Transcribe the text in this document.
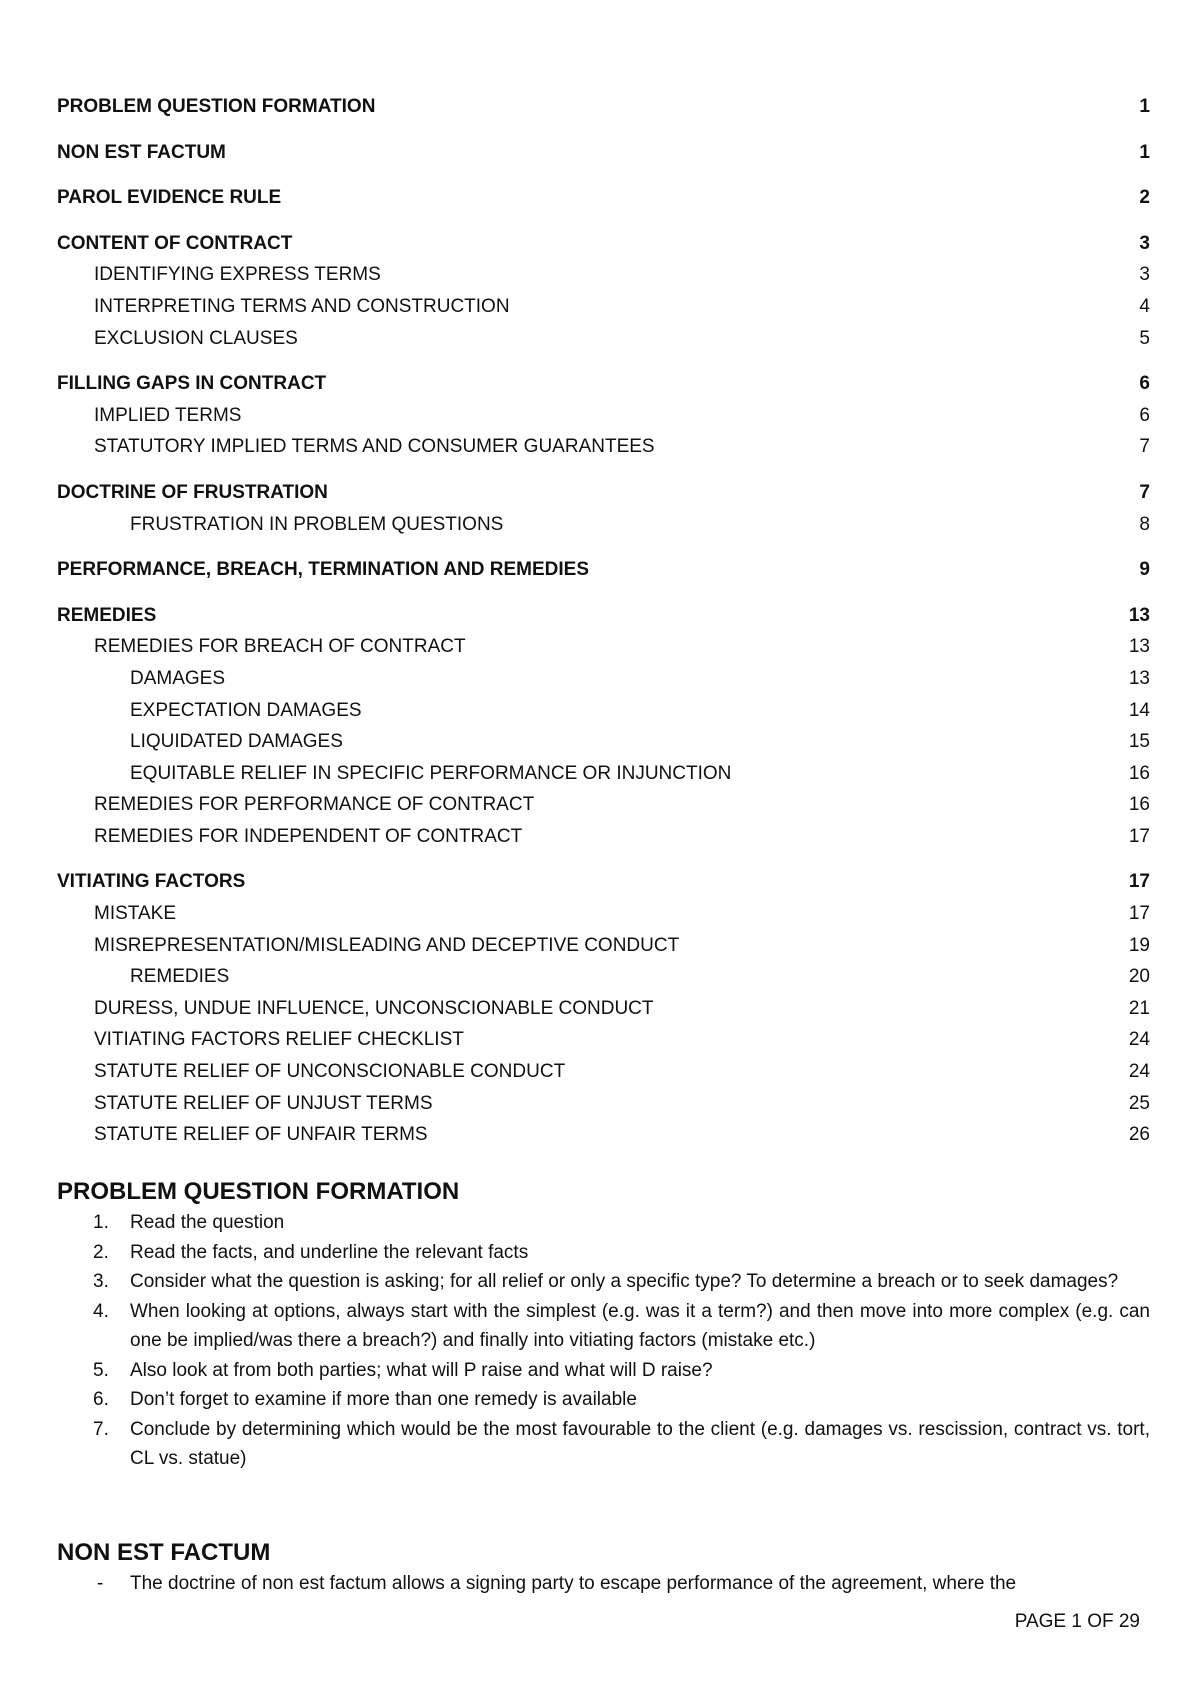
PROBLEM QUESTION FORMATION	1
NON EST FACTUM	1
PAROL EVIDENCE RULE	2
CONTENT OF CONTRACT	3
IDENTIFYING EXPRESS TERMS	3
INTERPRETING TERMS AND CONSTRUCTION	4
EXCLUSION CLAUSES	5
FILLING GAPS IN CONTRACT	6
IMPLIED TERMS	6
STATUTORY IMPLIED TERMS AND CONSUMER GUARANTEES	7
DOCTRINE OF FRUSTRATION	7
FRUSTRATION IN PROBLEM QUESTIONS	8
PERFORMANCE, BREACH, TERMINATION AND REMEDIES	9
REMEDIES	13
REMEDIES FOR BREACH OF CONTRACT	13
DAMAGES	13
EXPECTATION DAMAGES	14
LIQUIDATED DAMAGES	15
EQUITABLE RELIEF IN SPECIFIC PERFORMANCE OR INJUNCTION	16
REMEDIES FOR PERFORMANCE OF CONTRACT	16
REMEDIES FOR INDEPENDENT OF CONTRACT	17
VITIATING FACTORS	17
MISTAKE	17
MISREPRESENTATION/MISLEADING AND DECEPTIVE CONDUCT	19
REMEDIES	20
DURESS, UNDUE INFLUENCE, UNCONSCIONABLE CONDUCT	21
VITIATING FACTORS RELIEF CHECKLIST	24
STATUTE RELIEF OF UNCONSCIONABLE CONDUCT	24
STATUTE RELIEF OF UNJUST TERMS	25
STATUTE RELIEF OF UNFAIR TERMS	26
PROBLEM QUESTION FORMATION
1. Read the question
2. Read the facts, and underline the relevant facts
3. Consider what the question is asking; for all relief or only a specific type? To determine a breach or to seek damages?
4. When looking at options, always start with the simplest (e.g. was it a term?) and then move into more complex (e.g. can one be implied/was there a breach?) and finally into vitiating factors (mistake etc.)
5. Also look at from both parties; what will P raise and what will D raise?
6. Don’t forget to examine if more than one remedy is available
7. Conclude by determining which would be the most favourable to the client (e.g. damages vs. rescission, contract vs. tort, CL vs. statue)
NON EST FACTUM
- The doctrine of non est factum allows a signing party to escape performance of the agreement, where the
PAGE 1 OF 29
